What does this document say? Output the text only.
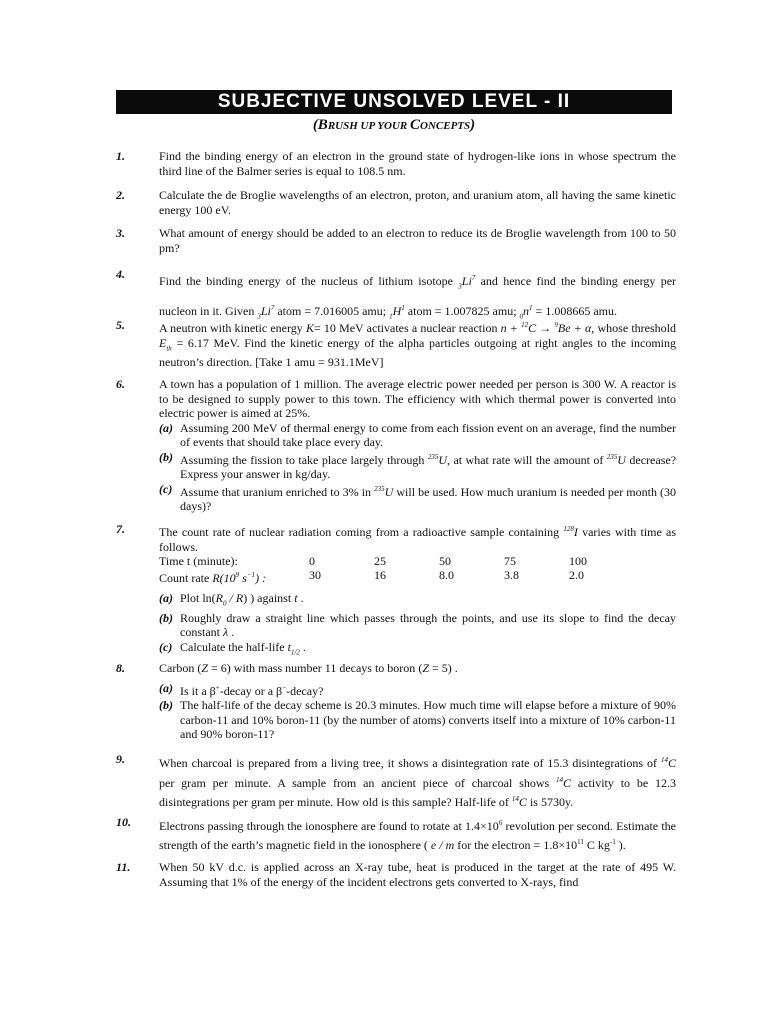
SUBJECTIVE UNSOLVED LEVEL - II
(BRUSH UP YOUR CONCEPTS)
1.	Find the binding energy of an electron in the ground state of hydrogen-like ions in whose spectrum the third line of the Balmer series is equal to 108.5 nm.
2.	Calculate the de Broglie wavelengths of an electron, proton, and uranium atom, all having the same kinetic energy 100 eV.
3.	What amount of energy should be added to an electron to reduce its de Broglie wavelength from 100 to 50 pm?
4.	Find the binding energy of the nucleus of lithium isotope $_3Li^7$ and hence find the binding energy per nucleon in it. Given $_3Li^7$ atom = 7.016005 amu; $_1H^1$ atom = 1.007825 amu; $_0n^1 = 1.008665$ amu.
5.	A neutron with kinetic energy K= 10 MeV activates a nuclear reaction n + $^{12}$C → $^9$Be + α, whose threshold $E_{th} = 6.17$ MeV. Find the kinetic energy of the alpha particles outgoing at right angles to the incoming neutron’s direction. [Take 1 amu = 931.1MeV]
6.	A town has a population of 1 million. The average electric power needed per person is 300 W. A reactor is to be designed to supply power to this town. The efficiency with which thermal power is converted into electric power is aimed at 25%.
(a) Assuming 200 MeV of thermal energy to come from each fission event on an average, find the number of events that should take place every day.
(b) Assuming the fission to take place largely through $^{235}$U, at what rate will the amount of $^{235}$U decrease? Express your answer in kg/day.
(c) Assume that uranium enriched to 3% in $^{235}$U will be used. How much uranium is needed per month (30 days)?
7.	The count rate of nuclear radiation coming from a radioactive sample containing $^{128}$I varies with time as follows.
Time t (minute):	0	25	50	75	100
Count rate $R(10^9$ $s^{-1}$) :	30	16	8.0	3.8	2.0
(a) Plot $\ln(R_0 / R)$ ) against t .
(b) Roughly draw a straight line which passes through the points, and use its slope to find the decay constant λ .
(c) Calculate the half-life $t_{1/2}$ .
8.	Carbon (Z = 6) with mass number 11 decays to boron (Z = 5) .
(a) Is it a β+-decay or a β−-decay?
(b) The half-life of the decay scheme is 20.3 minutes. How much time will elapse before a mixture of 90% carbon-11 and 10% boron-11 (by the number of atoms) converts itself into a mixture of 10% carbon-11 and 90% boron-11?
9.	When charcoal is prepared from a living tree, it shows a disintegration rate of 15.3 disintegrations of $^{14}$C per gram per minute. A sample from an ancient piece of charcoal shows $^{14}$C activity to be 12.3 disintegrations per gram per minute. How old is this sample? Half-life of $^{14}$C is 5730y.
10. Electrons passing through the ionosphere are found to rotate at $1.4\times 10^6$ revolution per second. Estimate the strength of the earth’s magnetic field in the ionosphere ( e / m for the electron = $1.8\times 10^{11}$ C $kg^{-1}$ ).
11. When 50 kV d.c. is applied across an X-ray tube, heat is produced in the target at the rate of 495 W. Assuming that 1% of the energy of the incident electrons gets converted to X-rays, find
